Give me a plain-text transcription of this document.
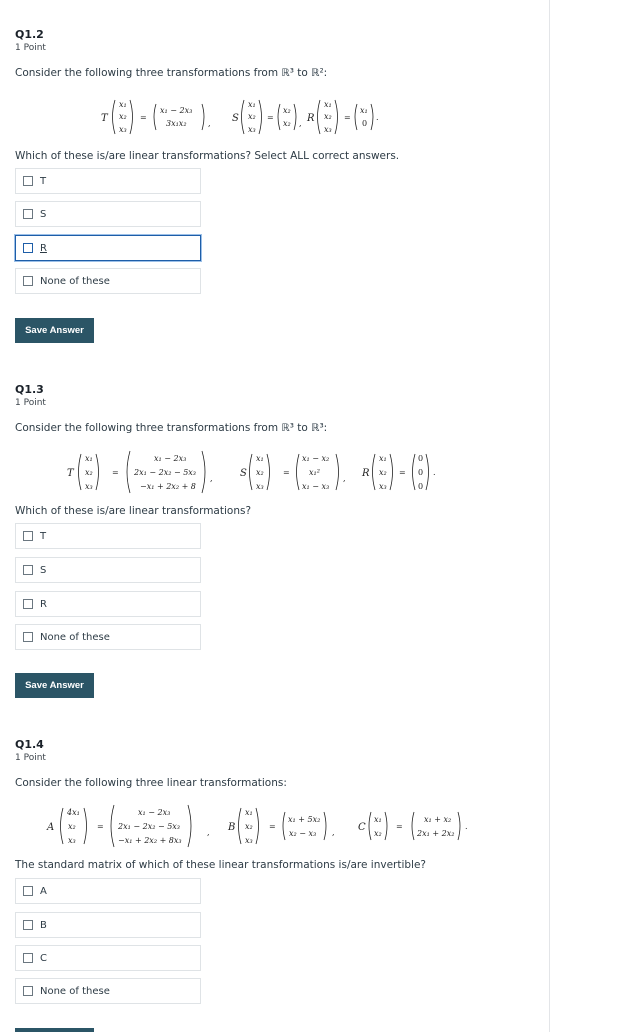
Q1.2
1 Point
Consider the following three transformations from ℝ³ to ℝ²:
T
x₁
x₂
x₃
=
x₁ − 2x₃
3x₁x₂	, S
x₁
x₂
x₃
=
x₂
x₂ , R
x₁
x₂
x₃
=
x₁
0
.
Which of these is/are linear transformations? Select ALL correct answers.
T
S
R
None of these
Save Answer
Q1.3
1 Point
Consider the following three transformations from ℝ³ to ℝ³:
T
x₁
x₂
x₃
=
x₁ − 2x₃
2x₁ − 2x₂ − 5x₃
−x₁ + 2x₂ + 8
,	S
x₁
x₂
x₃
=
x₁ − x₂
x₁²
x₁ − x₃
, R
x₁
x₂
x₃
=
0
0
0
.
Which of these is/are linear transformations?
T
S
R
None of these
Save Answer
Q1.4
1 Point
Consider the following three linear transformations:
A
4x₁
x₂
x₃
=
x₁ − 2x₃
2x₁ − 2x₂ − 5x₃
−x₁ + 2x₂ + 8x₃
, B
x₁
x₂
x₃
=
x₁ + 5x₂
x₂ − x₃ , C
x₁
x₂
=
x₁ + x₂
2x₁ + 2x₂
.
The standard matrix of which of these linear transformations is/are invertible?
A
B
C
None of these
